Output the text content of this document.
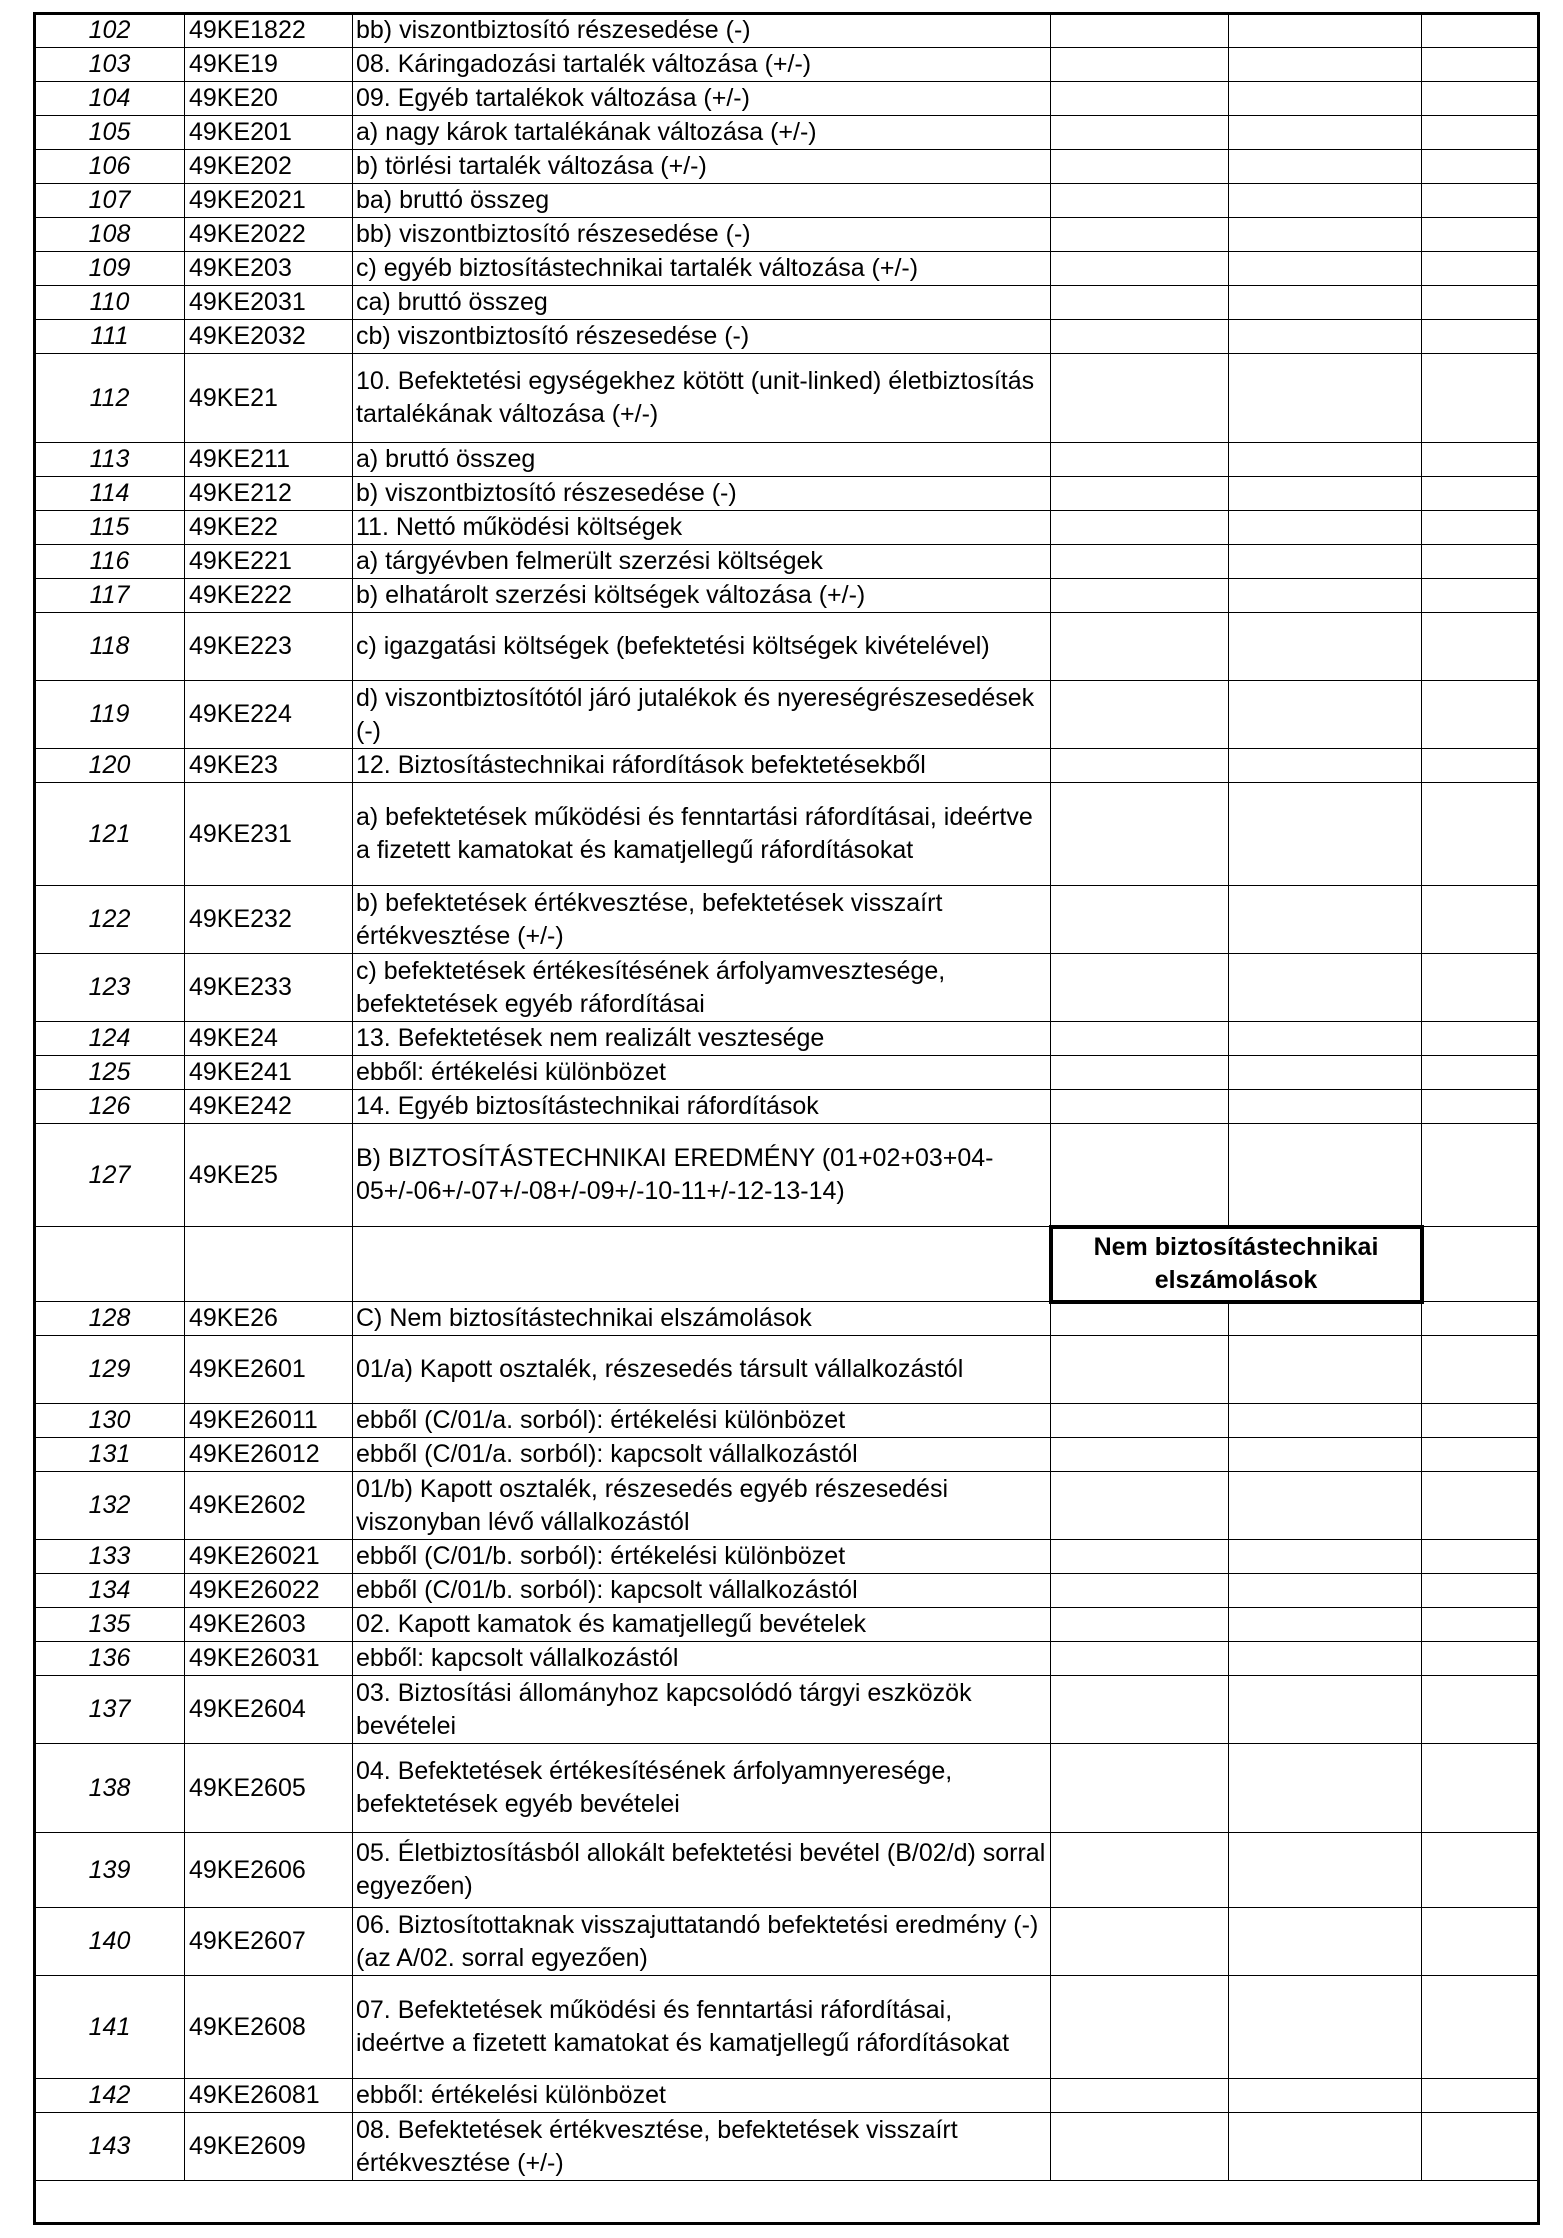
102	49KE1822	bb) viszontbiztosító részesedése (-)			
103	49KE19	08. Káringadozási tartalék változása (+/-)			
104	49KE20	09. Egyéb tartalékok változása (+/-)			
105	49KE201	a) nagy károk tartalékának változása (+/-)			
106	49KE202	b) törlési tartalék változása (+/-)			
107	49KE2021	ba) bruttó összeg			
108	49KE2022	bb) viszontbiztosító részesedése (-)			
109	49KE203	c) egyéb biztosítástechnikai tartalék változása (+/-)			
110	49KE2031	ca) bruttó összeg			
111	49KE2032	cb) viszontbiztosító részesedése (-)			
112	49KE21	10. Befektetési egységekhez kötött (unit-linked) életbiztosítás tartalékának változása (+/-)			
113	49KE211	a) bruttó összeg			
114	49KE212	b) viszontbiztosító részesedése (-)			
115	49KE22	11. Nettó működési költségek			
116	49KE221	a) tárgyévben felmerült szerzési költségek			
117	49KE222	b) elhatárolt szerzési költségek változása (+/-)			
118	49KE223	c) igazgatási költségek (befektetési költségek kivételével)			
119	49KE224	d) viszontbiztosítótól járó jutalékok és nyereségrészesedések (-)			
120	49KE23	12. Biztosítástechnikai ráfordítások befektetésekből			
121	49KE231	a) befektetések működési és fenntartási ráfordításai, ideértve a fizetett kamatokat és kamatjellegű ráfordításokat			
122	49KE232	b) befektetések értékvesztése, befektetések visszaírt értékvesztése (+/-)			
123	49KE233	c) befektetések értékesítésének árfolyamvesztesége, befektetések egyéb ráfordításai			
124	49KE24	13. Befektetések nem realizált vesztesége			
125	49KE241	ebből: értékelési különbözet			
126	49KE242	14. Egyéb biztosítástechnikai ráfordítások			
127	49KE25	B) BIZTOSÍTÁSTECHNIKAI EREDMÉNY (01+02+03+04-05+/-06+/-07+/-08+/-09+/-10-11+/-12-13-14)			
			Nem biztosítástechnikai elszámolások		
128	49KE26	C) Nem biztosítástechnikai elszámolások			
129	49KE2601	01/a) Kapott osztalék, részesedés társult vállalkozástól			
130	49KE26011	ebből (C/01/a. sorból): értékelési különbözet			
131	49KE26012	ebből (C/01/a. sorból): kapcsolt vállalkozástól			
132	49KE2602	01/b) Kapott osztalék, részesedés egyéb részesedési viszonyban lévő vállalkozástól			
133	49KE26021	ebből (C/01/b. sorból): értékelési különbözet			
134	49KE26022	ebből (C/01/b. sorból): kapcsolt vállalkozástól			
135	49KE2603	02. Kapott kamatok és kamatjellegű bevételek			
136	49KE26031	ebből: kapcsolt vállalkozástól			
137	49KE2604	03. Biztosítási állományhoz kapcsolódó tárgyi eszközök bevételei			
138	49KE2605	04. Befektetések értékesítésének árfolyamnyeresége, befektetések egyéb bevételei			
139	49KE2606	05. Életbiztosításból allokált befektetési bevétel (B/02/d) sorral egyezően)			
140	49KE2607	06. Biztosítottaknak visszajuttatandó befektetési eredmény (-) (az A/02. sorral egyezően)			
141	49KE2608	07. Befektetések működési és fenntartási ráfordításai, ideértve a fizetett kamatokat és kamatjellegű ráfordításokat			
142	49KE26081	ebből: értékelési különbözet			
143	49KE2609	08. Befektetések értékvesztése, befektetések visszaírt értékvesztése (+/-)			
